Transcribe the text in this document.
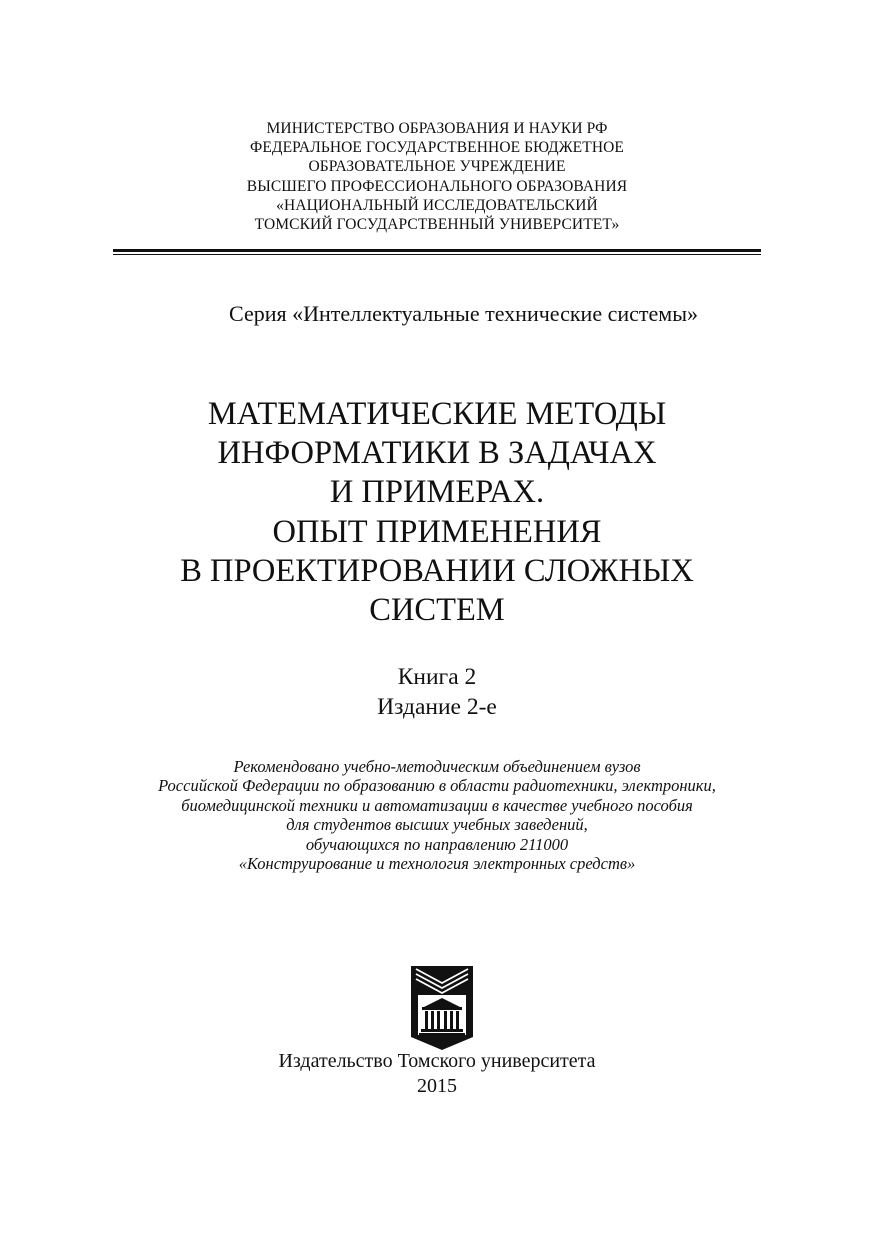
МИНИСТЕРСТВО ОБРАЗОВАНИЯ И НАУКИ РФ
ФЕДЕРАЛЬНОЕ ГОСУДАРСТВЕННОЕ БЮДЖЕТНОЕ
ОБРАЗОВАТЕЛЬНОЕ УЧРЕЖДЕНИЕ
ВЫСШЕГО ПРОФЕССИОНАЛЬНОГО ОБРАЗОВАНИЯ
«НАЦИОНАЛЬНЫЙ ИССЛЕДОВАТЕЛЬСКИЙ
ТОМСКИЙ ГОСУДАРСТВЕННЫЙ УНИВЕРСИТЕТ»
Серия «Интеллектуальные технические системы»
МАТЕМАТИЧЕСКИЕ МЕТОДЫ
ИНФОРМАТИКИ В ЗАДАЧАХ
И ПРИМЕРАХ.
ОПЫТ ПРИМЕНЕНИЯ
В ПРОЕКТИРОВАНИИ СЛОЖНЫХ
СИСТЕМ
Книга 2
Издание 2-е
Рекомендовано учебно-методическим объединением вузов
Российской Федерации по образованию в области радиотехники, электроники,
биомедицинской техники и автоматизации в качестве учебного пособия
для студентов высших учебных заведений,
обучающихся по направлению 211000
«Конструирование и технология электронных средств»
Издательство Томского университета
2015
